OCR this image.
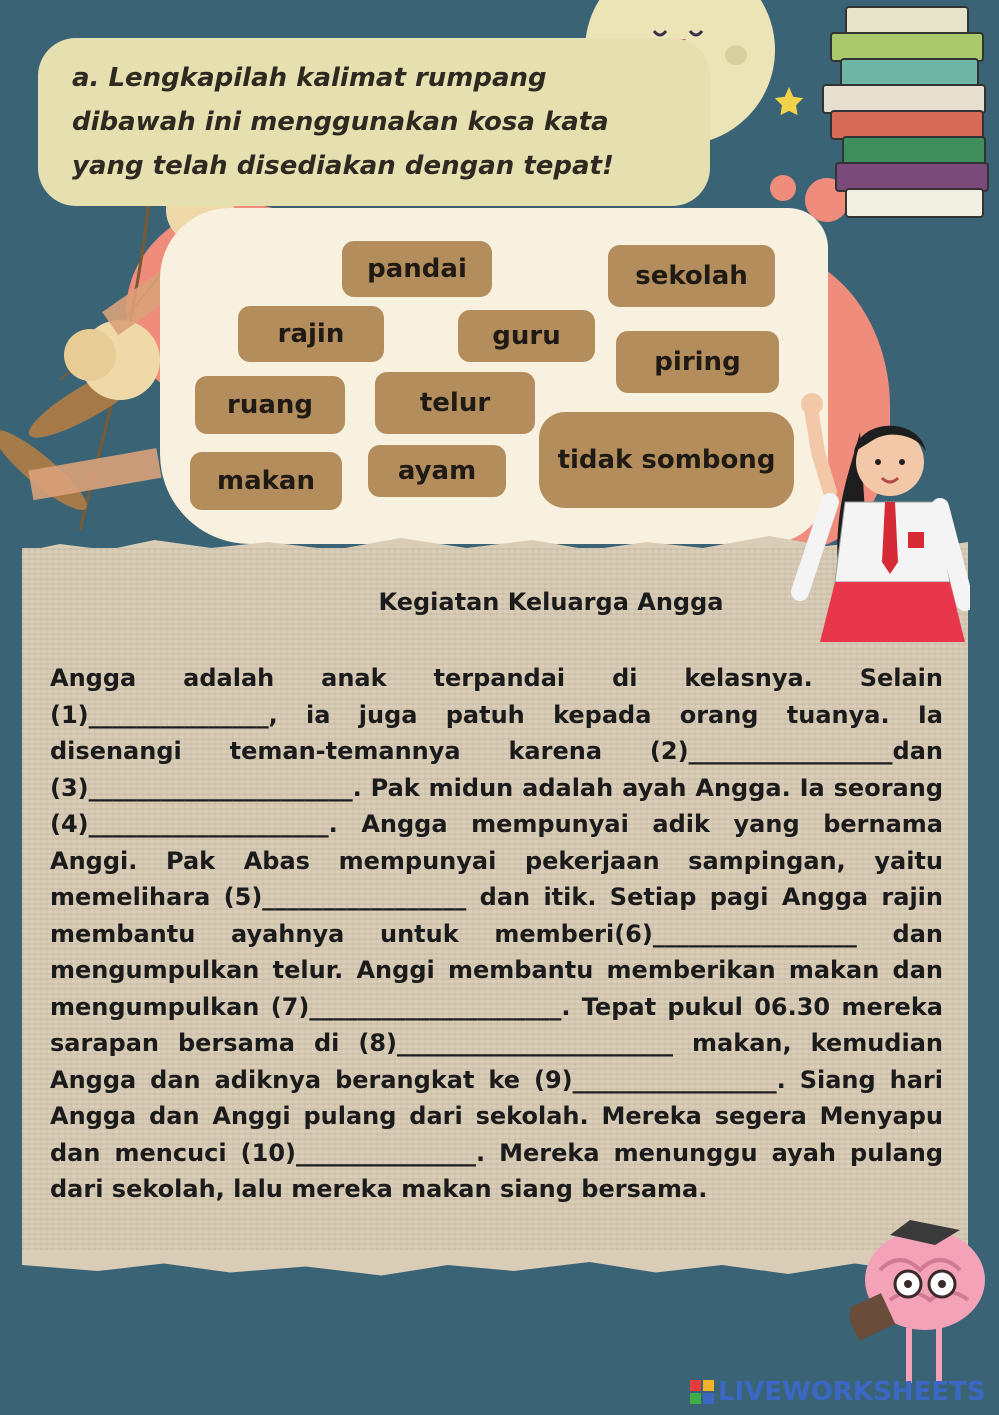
a. Lengkapilah kalimat rumpang
dibawah ini menggunakan kosa kata
yang telah disediakan dengan tepat!
pandai	sekolah
rajin	guru
piring
ruang	telur
tidak sombong
makan	ayam
Kegiatan Keluarga Angga

Angga adalah anak terpandai di kelasnya. Selain (1)_______________, ia juga patuh kepada orang tuanya. Ia disenangi teman-temannya karena (2)_________________dan (3)______________________. Pak midun adalah ayah Angga. Ia seorang (4)____________________. Angga mempunyai adik yang bernama Anggi. Pak Abas mempunyai pekerjaan sampingan, yaitu memelihara (5)_________________ dan itik. Setiap pagi Angga rajin membantu ayahnya untuk memberi(6)_________________ dan mengumpulkan telur. Anggi membantu memberikan makan dan mengumpulkan (7)_____________________. Tepat pukul 06.30 mereka sarapan bersama di (8)_______________________ makan, kemudian Angga dan adiknya berangkat ke (9)_________________. Siang hari Angga dan Anggi pulang dari sekolah. Mereka segera Menyapu dan mencuci (10)_______________. Mereka menunggu ayah pulang dari sekolah, lalu mereka makan siang bersama.

LIVEWORKSHEETS
